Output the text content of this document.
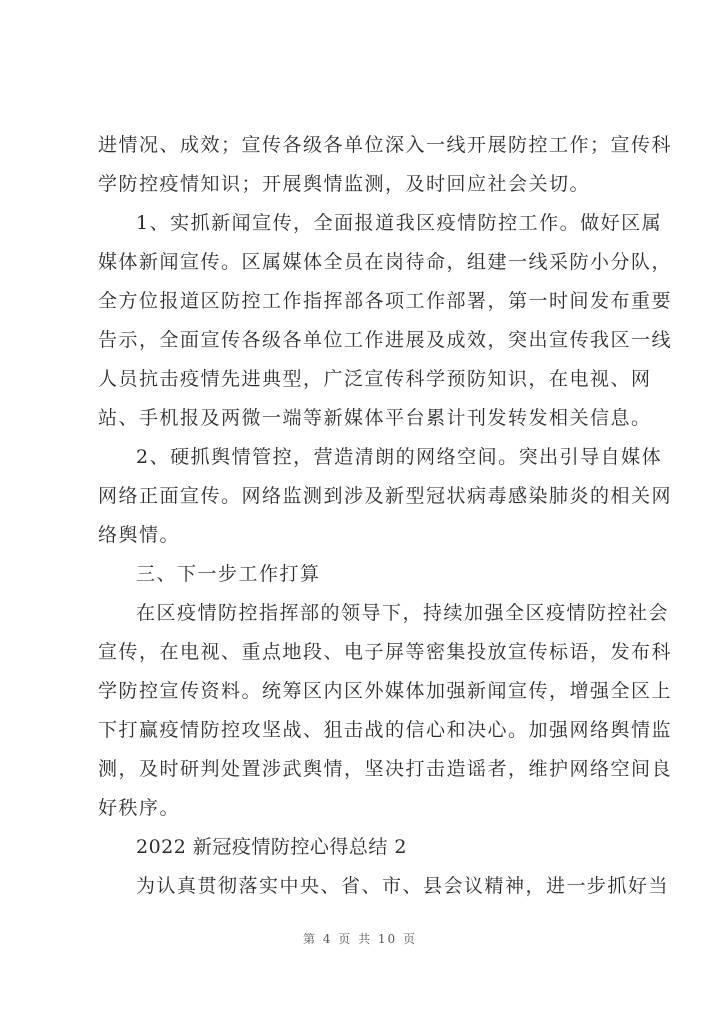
进情况、成效；宣传各级各单位深入一线开展防控工作；宣传科
学防控疫情知识；开展舆情监测，及时回应社会关切。
1、实抓新闻宣传，全面报道我区疫情防控工作。做好区属
媒体新闻宣传。区属媒体全员在岗待命，组建一线采防小分队，
全方位报道区防控工作指挥部各项工作部署，第一时间发布重要
告示，全面宣传各级各单位工作进展及成效，突出宣传我区一线
人员抗击疫情先进典型，广泛宣传科学预防知识，在电视、网
站、手机报及两微一端等新媒体平台累计刊发转发相关信息。
2、硬抓舆情管控，营造清朗的网络空间。突出引导自媒体
网络正面宣传。网络监测到涉及新型冠状病毒感染肺炎的相关网
络舆情。
三、下一步工作打算
在区疫情防控指挥部的领导下，持续加强全区疫情防控社会
宣传，在电视、重点地段、电子屏等密集投放宣传标语，发布科
学防控宣传资料。统筹区内区外媒体加强新闻宣传，增强全区上
下打赢疫情防控攻坚战、狙击战的信心和决心。加强网络舆情监
测，及时研判处置涉武舆情，坚决打击造谣者，维护网络空间良
好秩序。
2022 新冠疫情防控心得总结 2
为认真贯彻落实中央、省、市、县会议精神，进一步抓好当
第 4 页 共 10 页
